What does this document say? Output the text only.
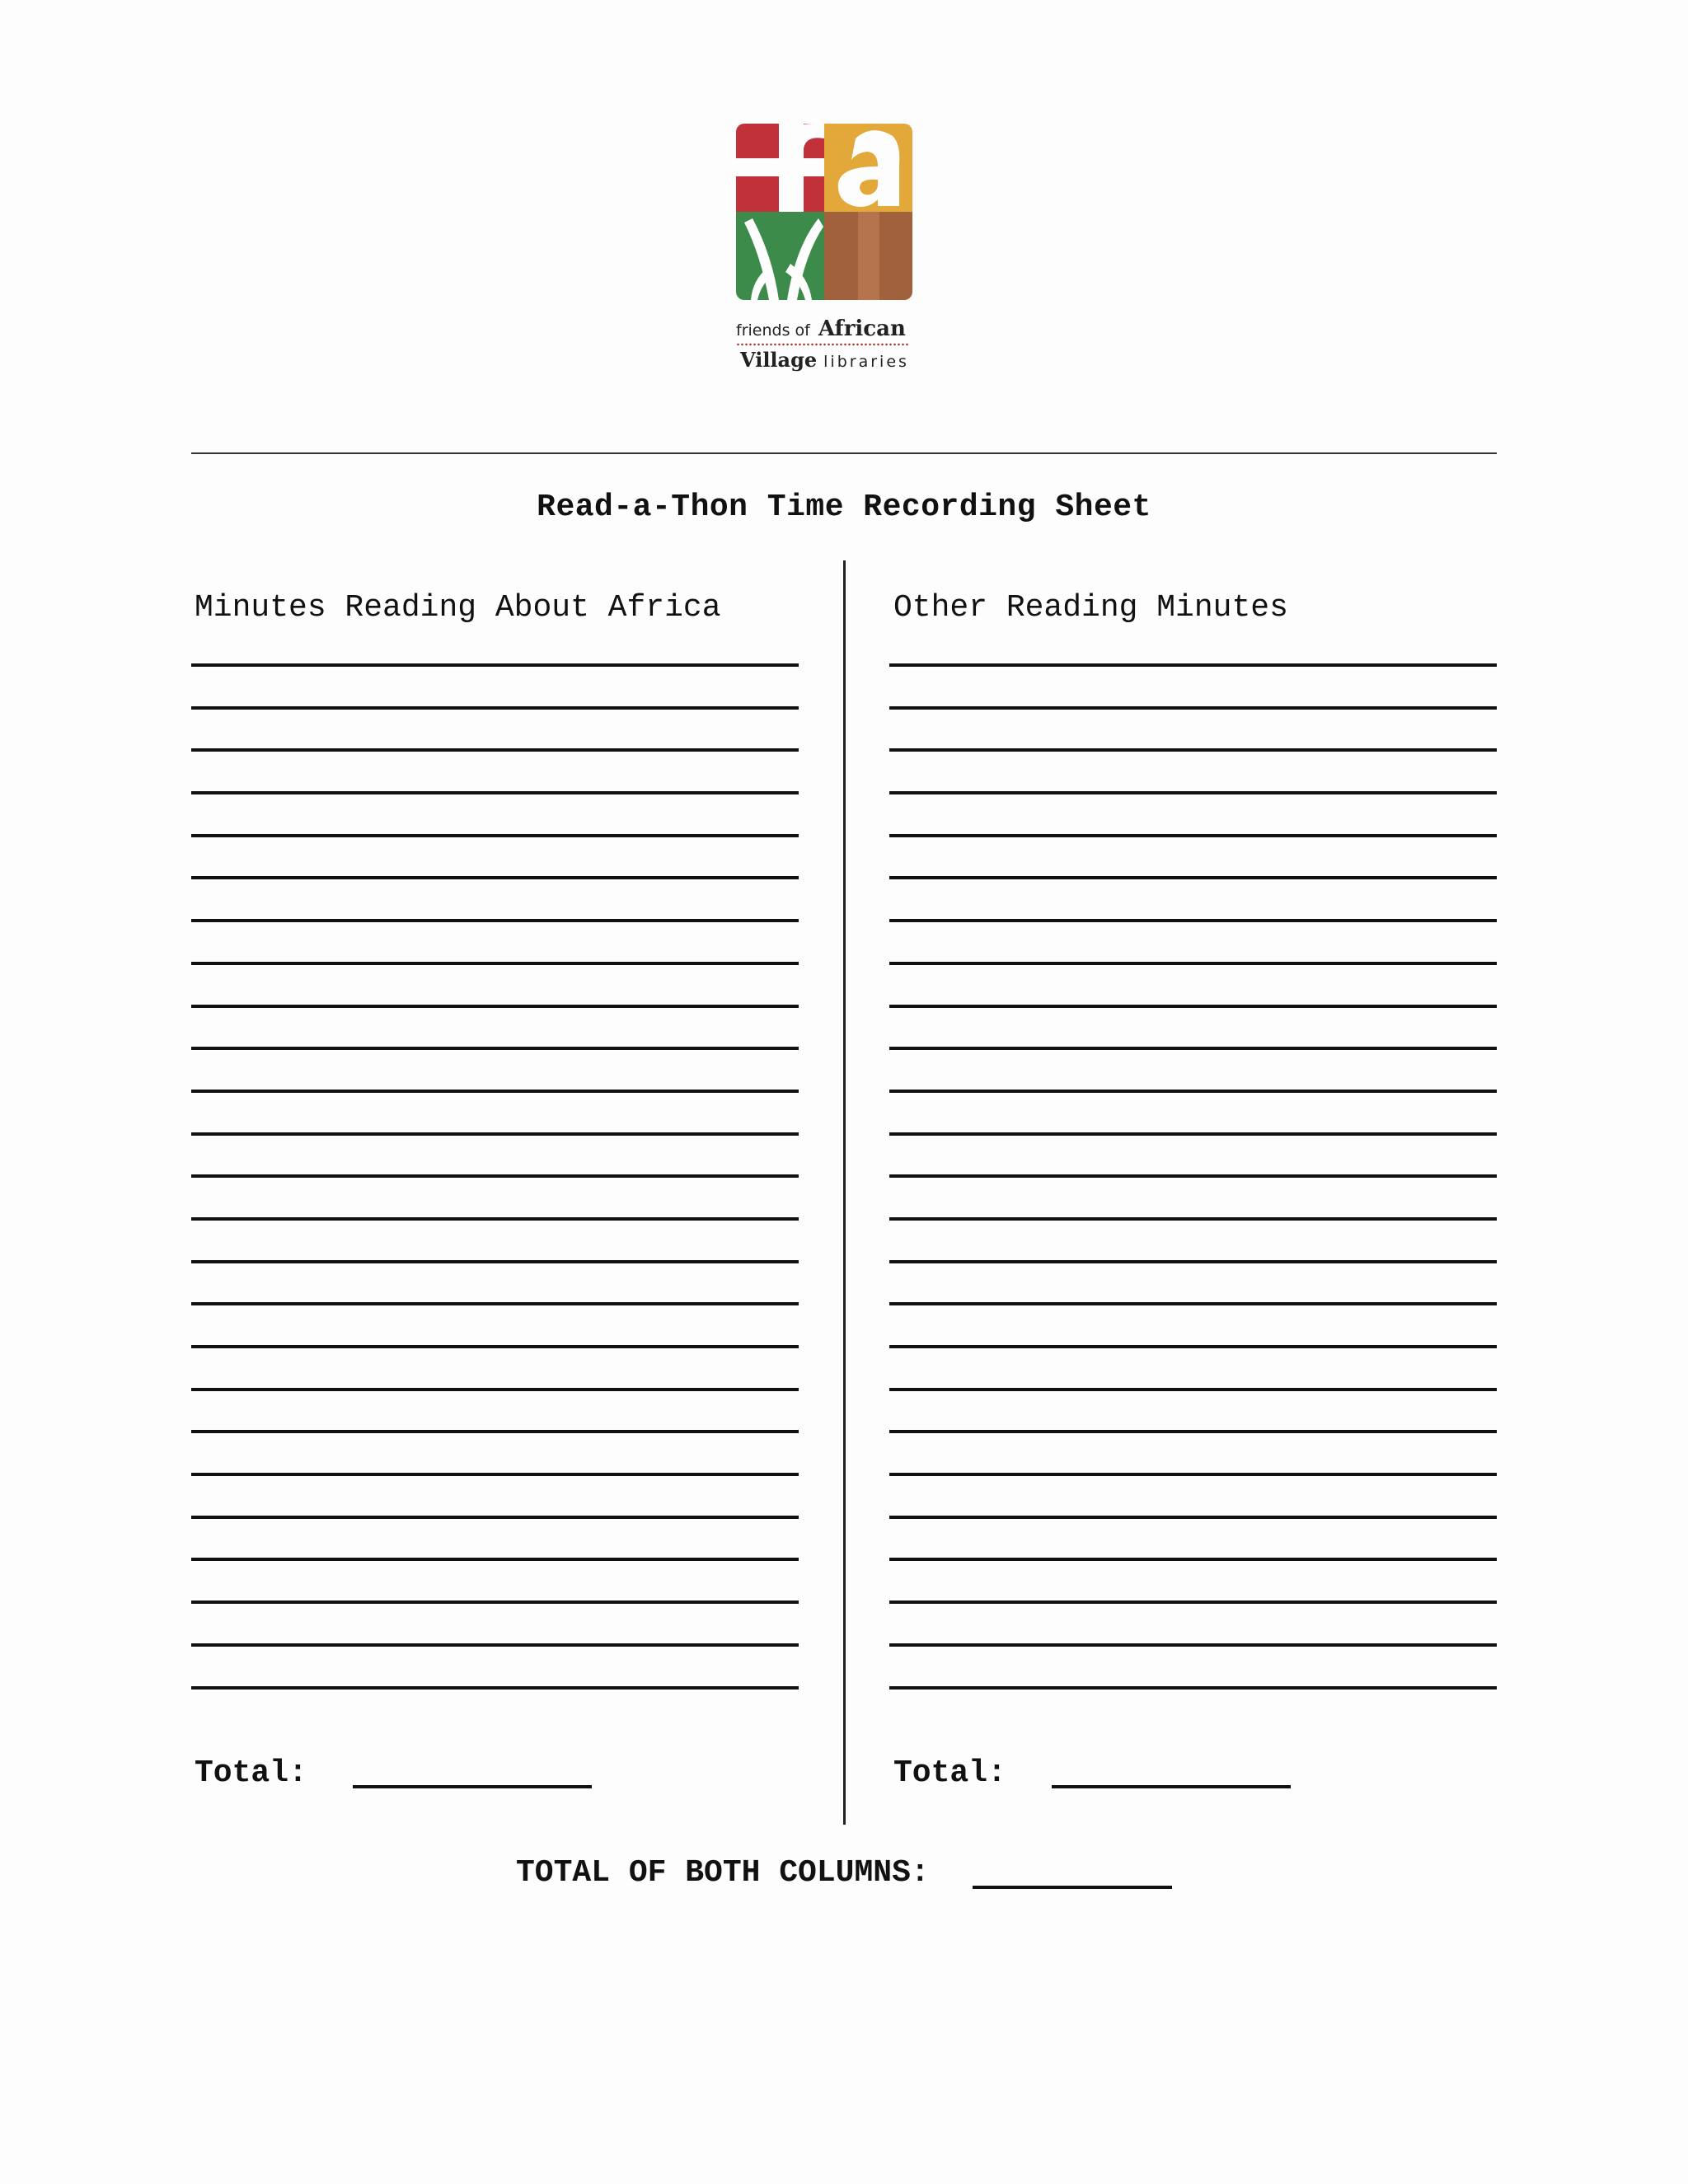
friends of African
Village libraries
Read-a-Thon Time Recording Sheet
Minutes Reading About Africa
Total:
Other Reading Minutes
Total:
TOTAL OF BOTH COLUMNS:
